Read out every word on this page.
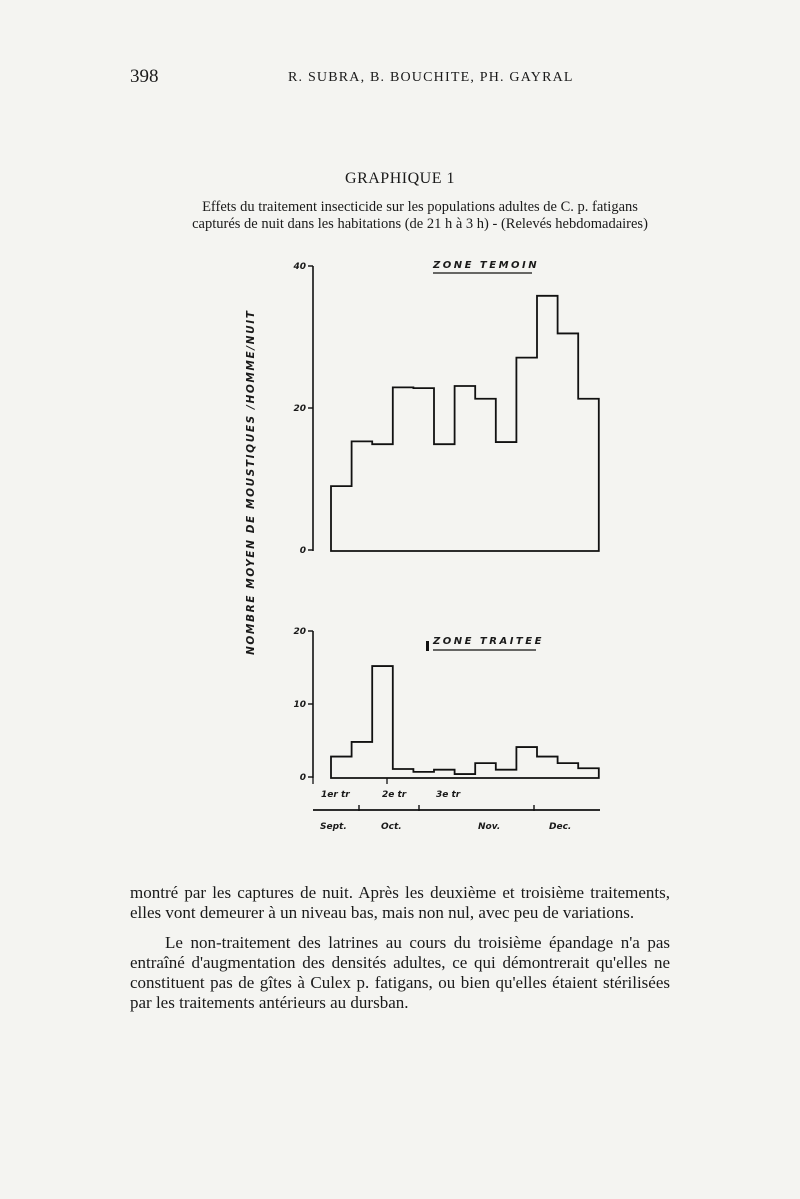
398	R. SUBRA, B. BOUCHITE, PH. GAYRAL
GRAPHIQUE 1
Effets du traitement insecticide sur les populations adultes de C. p. fatigans
capturés de nuit dans les habitations (de 21 h à 3 h) - (Relevés hebdomadaires)
NOMBRE MOYEN DE MOUSTIQUES /HOMME/NUIT	0
20
40	ZONE TEMOIN
0
10
20
ZONE TRAITEE
1er tr	2e tr	3e tr
Sept.	Oct.	Nov.	Dec.

montré par les captures de nuit. Après les deuxième et troisième traitements, elles vont demeurer à un niveau bas, mais non nul, avec peu de variations.

Le non-traitement des latrines au cours du troisième épandage n'a pas entraîné d'augmentation des densités adultes, ce qui démontrerait qu'elles ne constituent pas de gîtes à Culex p. fatigans, ou bien qu'elles étaient stérilisées par les traitements antérieurs au dursban.
